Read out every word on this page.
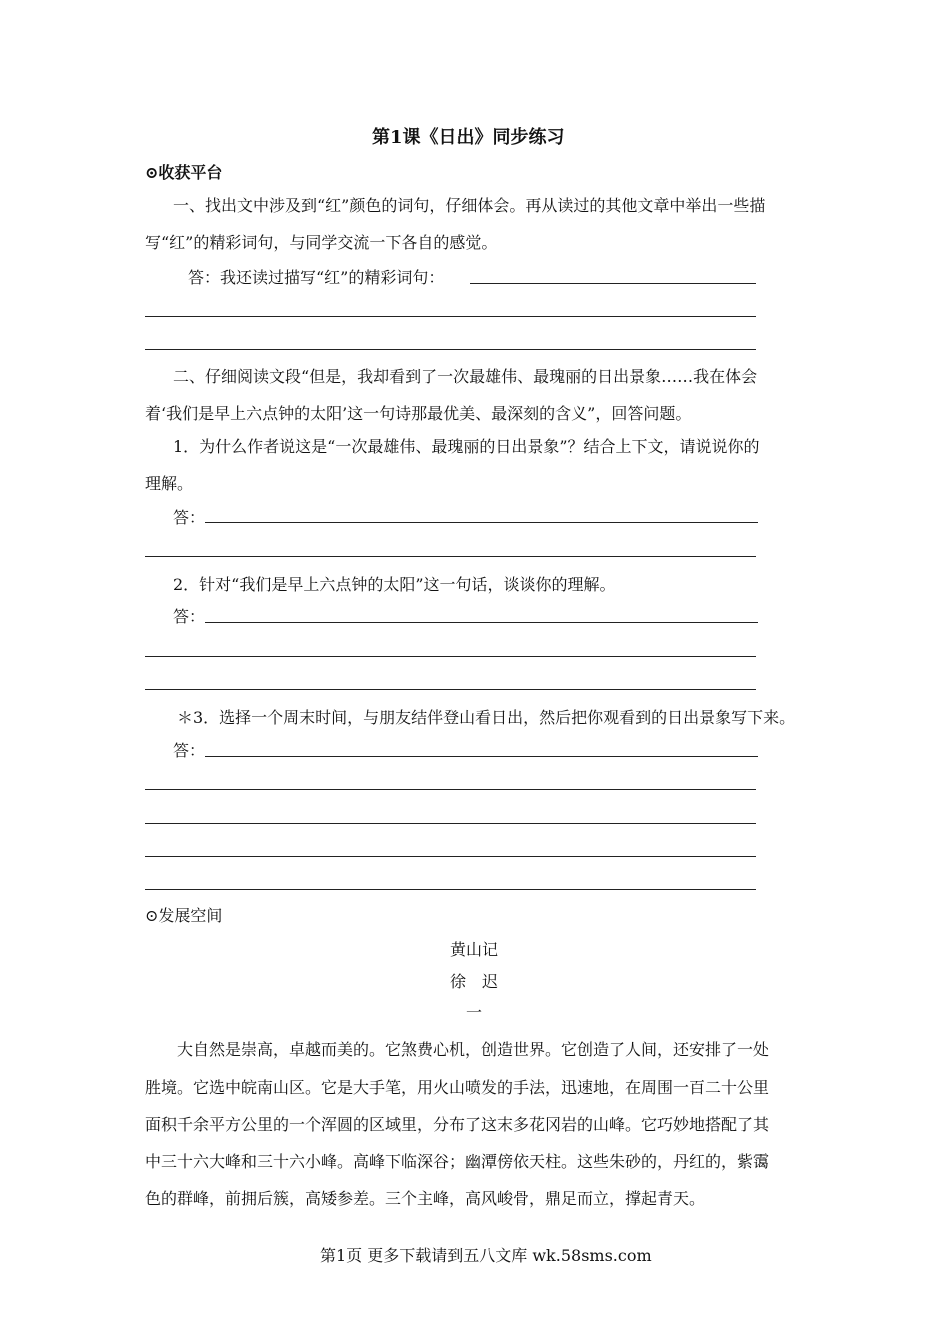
第1课《日出》同步练习
⊙收获平台
一、找出文中涉及到“红”颜色的词句，仔细体会。再从读过的其他文章中举出一些描
写“红”的精彩词句，与同学交流一下各自的感觉。
答：我还读过描写“红”的精彩词句：
二、仔细阅读文段“但是，我却看到了一次最雄伟、最瑰丽的日出景象……我在体会
着‘我们是早上六点钟的太阳’这一句诗那最优美、最深刻的含义”，回答问题。
1．为什么作者说这是“一次最雄伟、最瑰丽的日出景象”？结合上下文，请说说你的
理解。
答：
2．针对“我们是早上六点钟的太阳”这一句话，谈谈你的理解。
答：
＊3．选择一个周末时间，与朋友结伴登山看日出，然后把你观看到的日出景象写下来。
答：
⊙发展空间
黄山记
徐　迟
一
大自然是崇高，卓越而美的。它煞费心机，创造世界。它创造了人间，还安排了一处
胜境。它选中皖南山区。它是大手笔，用火山喷发的手法，迅速地，在周围一百二十公里
面积千余平方公里的一个浑圆的区域里，分布了这末多花冈岩的山峰。它巧妙地搭配了其
中三十六大峰和三十六小峰。高峰下临深谷；幽潭傍依天柱。这些朱砂的，丹红的，紫霭
色的群峰，前拥后簇，高矮参差。三个主峰，高风峻骨，鼎足而立，撑起青天。
第1页 更多下载请到五八文库 wk.58sms.com
